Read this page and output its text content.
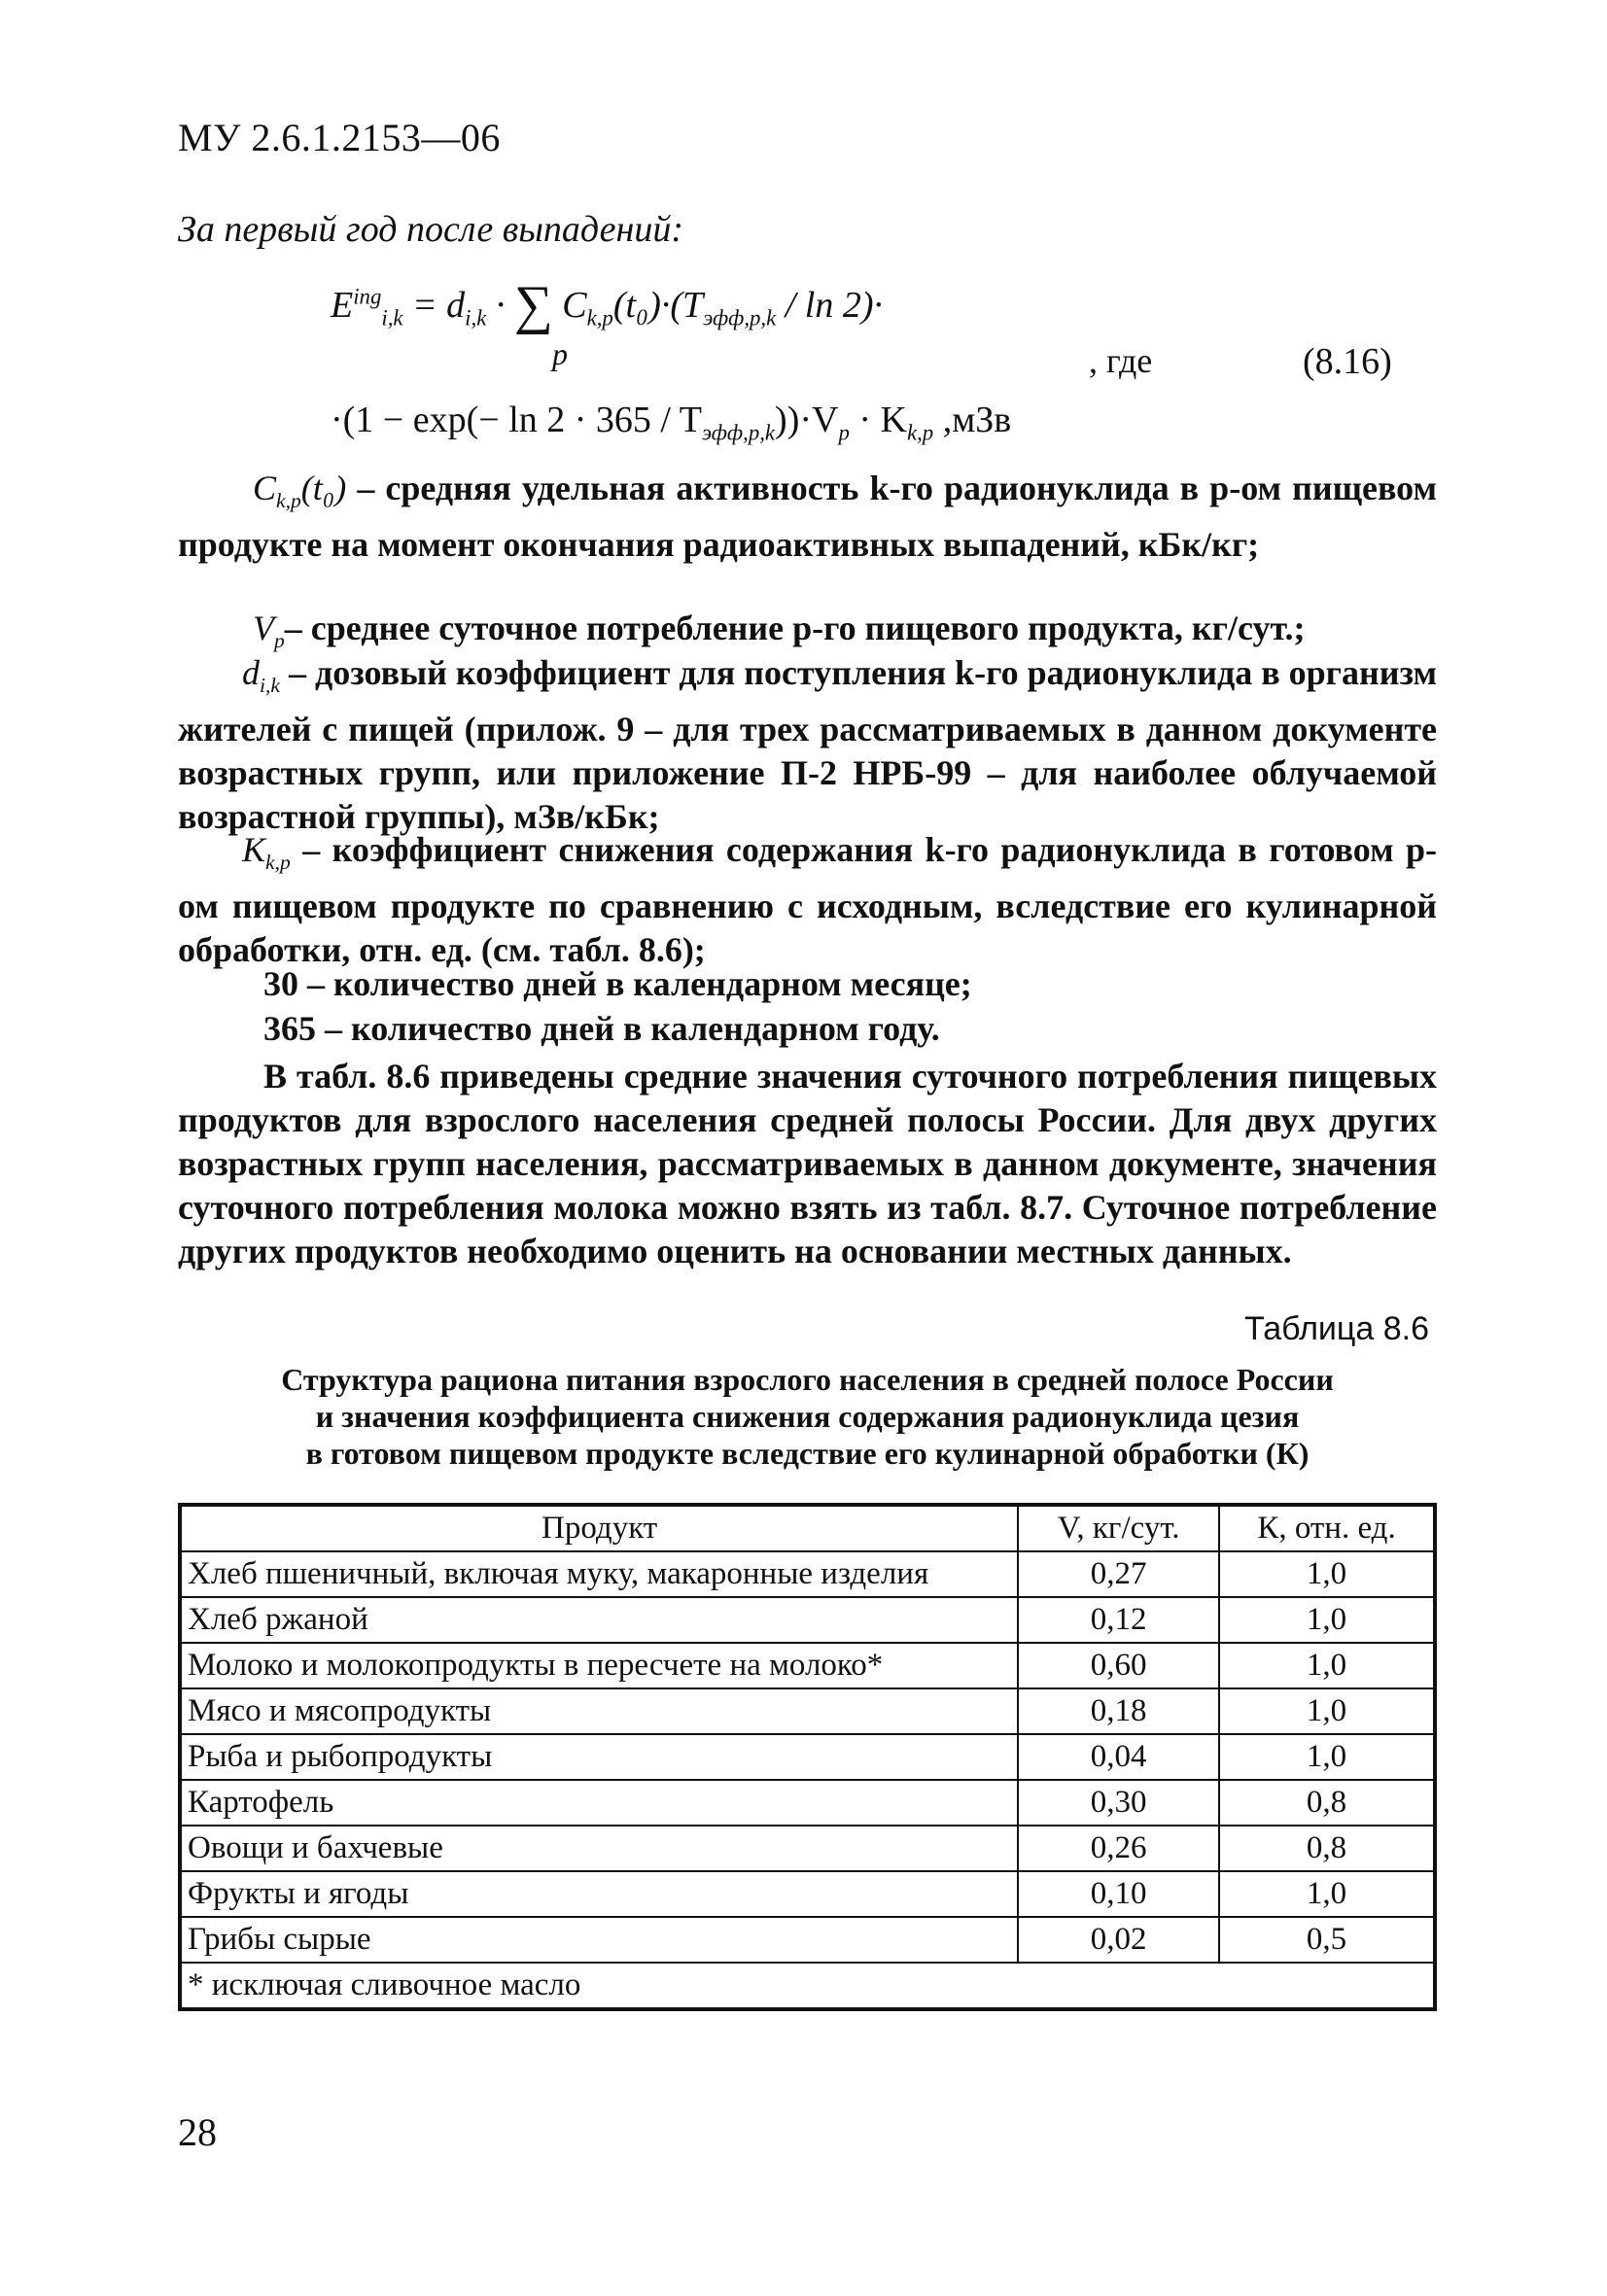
МУ 2.6.1.2153—06
За первый год после выпадений:
$E^{ing}_{i,k} = d_{i,k}$ · ∑ $C_{k,p}(t_0)\cdot(T_{эфф,p,k} / \ln 2)\cdot$
p	, где	(8.16)
$\cdot(1 - \exp(- \ln 2 \cdot 365 / T_{эфф,p,k}))\cdot V_p \cdot K_{k,p}$ ,мЗв
$C_{k,p}(t_0)$ – средняя удельная активность k-го радионуклида в p-ом пищевом продукте на момент окончания радиоактивных выпадений, кБк/кг;
$V_p-$ среднее суточное потребление p-го пищевого продукта, кг/сут.;
$d_{i,k}$ – дозовый коэффициент для поступления k-го радионуклида в организм жителей с пищей (прилож. 9 – для трех рассматриваемых в данном документе возрастных групп, или приложение П-2 НРБ-99 – для наиболее облучаемой возрастной группы), мЗв/кБк;
$K_{k,p}$ – коэффициент снижения содержания k-го радионуклида в готовом p-ом пищевом продукте по сравнению с исходным, вследствие его кулинарной обработки, отн. ед. (см. табл. 8.6);
30 – количество дней в календарном месяце;
365 – количество дней в календарном году.
В табл. 8.6 приведены средние значения суточного потребления пищевых продуктов для взрослого населения средней полосы России. Для двух других возрастных групп населения, рассматриваемых в данном документе, значения суточного потребления молока можно взять из табл. 8.7. Суточное потребление других продуктов необходимо оценить на основании местных данных.
Таблица 8.6
Структура рациона питания взрослого населения в средней полосе России
и значения коэффициента снижения содержания радионуклида цезия
в готовом пищевом продукте вследствие его кулинарной обработки (К)
Продукт	V, кг/сут.	К, отн. ед.
Хлеб пшеничный, включая муку, макаронные изделия	0,27	1,0
Хлеб ржаной	0,12	1,0
Молоко и молокопродукты в пересчете на молоко*	0,60	1,0
Мясо и мясопродукты	0,18	1,0
Рыба и рыбопродукты	0,04	1,0
Картофель	0,30	0,8
Овощи и бахчевые	0,26	0,8
Фрукты и ягоды	0,10	1,0
Грибы сырые	0,02	0,5
* исключая сливочное масло		
28
